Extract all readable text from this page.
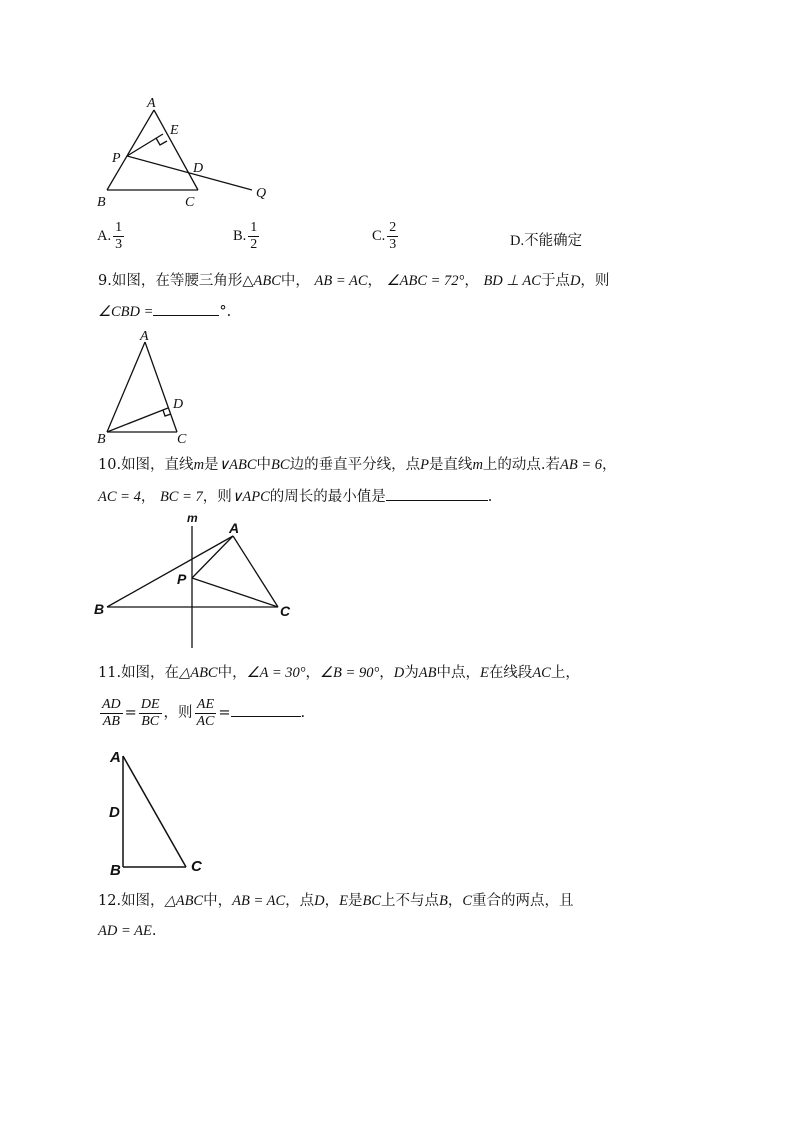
A
E
P
D
B	C
Q
A. $\frac{1}{3}$	B. $\frac{1}{2}$	C. $\frac{2}{3}$	D.不能确定
9.如图，在等腰三角形△ABC中， AB = AC， ∠ABC = 72°， BD ⊥ AC于点D，则
∠CBD =	°.
A
D
B	C
10.如图，直线m是∨ABC中BC边的垂直平分线，点P是直线m上的动点.若AB = 6，
AC = 4， BC = 7，则∨APC的周长的最小值是	.
m
A
P
B	C
11.如图，在△ABC中，∠A = 30°，∠B = 90°，D为AB中点，E在线段AC上，
$\frac{AD}{AB} = \frac{DE}{BC}$ ，则 $\frac{AE}{AC}$ =	.
A
D
B	C
12.如图，△ABC中，AB = AC，点D，E是BC上不与点B，C重合的两点，且
AD = AE.
